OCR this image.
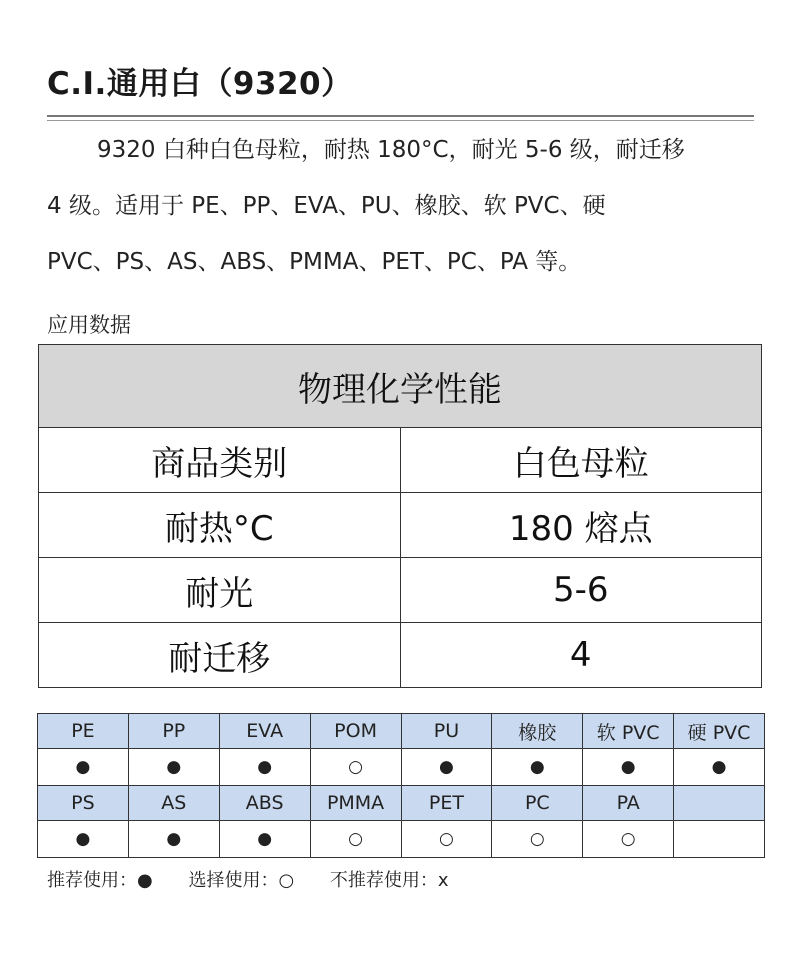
C.I.通用白（9320）

9320 白种白色母粒，耐热 180°C，耐光 5-6 级，耐迁移

4 级。适用于 PE、PP、EVA、PU、橡胶、软 PVC、硬

PVC、PS、AS、ABS、PMMA、PET、PC、PA 等。

应用数据
物理化学性能	
商品类别	白色母粒
耐热°C	180 熔点
耐光	5-6
耐迁移	4
PE	PP	EVA	POM	PU	橡胶	软 PVC	硬 PVC
●	●	●	○	●	●	●	●
PS	AS	ABS	PMMA	PET	PC	PA	
●	●	●	○	○	○	○	
推荐使用：● 选择使用：○ 不推荐使用：x
